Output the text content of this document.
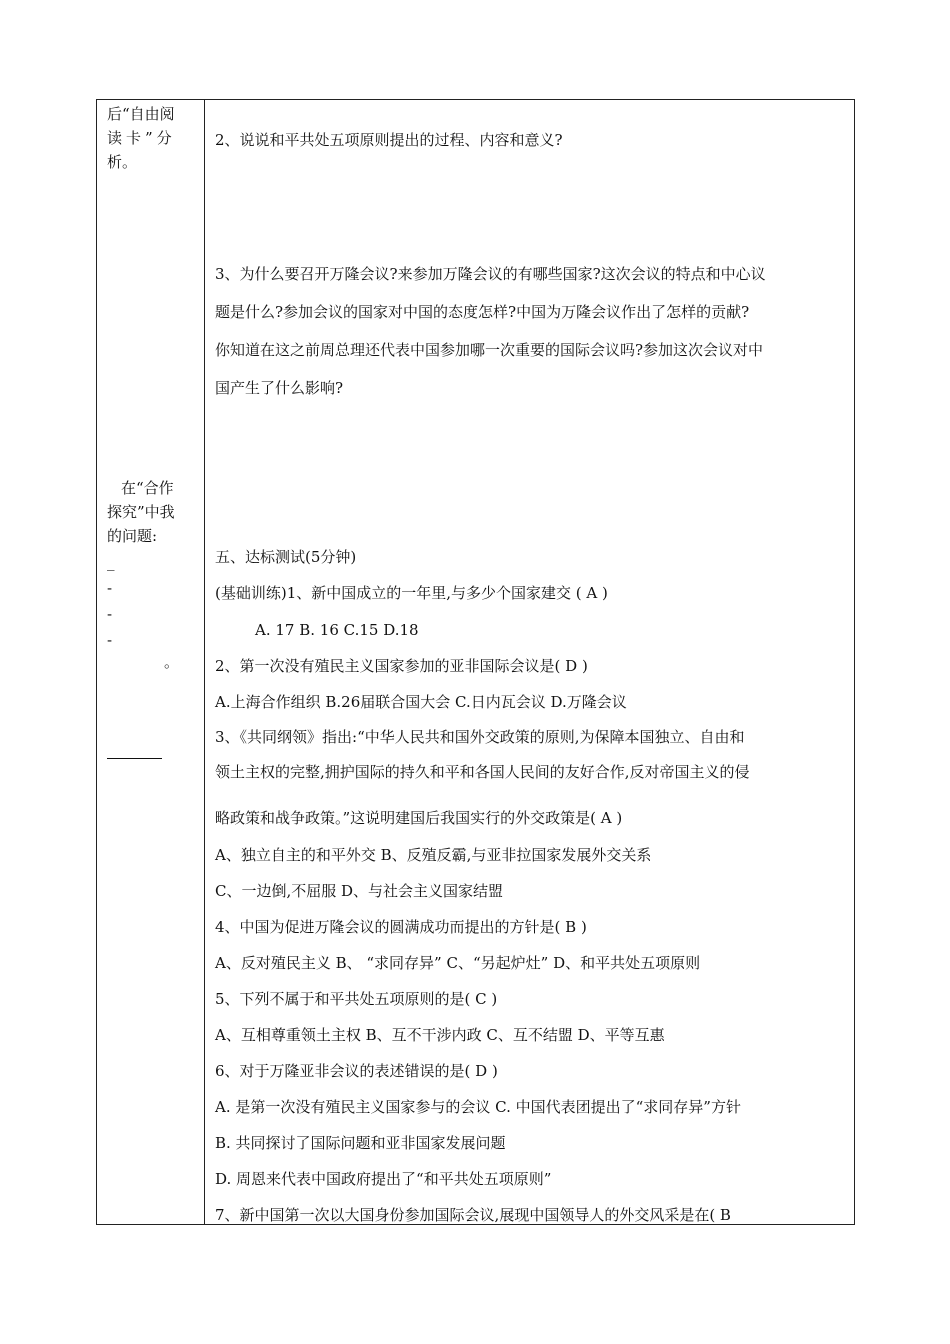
后“自由阅
读卡”分
析。
在“合作
探究”中我
的问题:
_
-
-
-
。
2、说说和平共处五项原则提出的过程、内容和意义?
3、为什么要召开万隆会议?来参加万隆会议的有哪些国家?这次会议的特点和中心议
题是什么?参加会议的国家对中国的态度怎样?中国为万隆会议作出了怎样的贡献?
你知道在这之前周总理还代表中国参加哪一次重要的国际会议吗?参加这次会议对中
国产生了什么影响?
五、达标测试(5分钟)
(基础训练)1、新中国成立的一年里,与多少个国家建交 ( A )
A. 17 B. 16 C.15 D.18
2、第一次没有殖民主义国家参加的亚非国际会议是( D )
A.上海合作组织 B.26届联合国大会 C.日内瓦会议 D.万隆会议
3、《共同纲领》指出:“中华人民共和国外交政策的原则,为保障本国独立、自由和
领土主权的完整,拥护国际的持久和平和各国人民间的友好合作,反对帝国主义的侵
略政策和战争政策。”这说明建国后我国实行的外交政策是( A )
A、独立自主的和平外交 B、反殖反霸,与亚非拉国家发展外交关系
C、一边倒,不屈服 D、与社会主义国家结盟
4、中国为促进万隆会议的圆满成功而提出的方针是( B )
A、反对殖民主义 B、 “求同存异” C、“另起炉灶” D、和平共处五项原则
5、下列不属于和平共处五项原则的是( C )
A、互相尊重领土主权 B、互不干涉内政 C、互不结盟 D、平等互惠
6、对于万隆亚非会议的表述错误的是( D )
A. 是第一次没有殖民主义国家参与的会议 C. 中国代表团提出了“求同存异”方针
B. 共同探讨了国际问题和亚非国家发展问题
D. 周恩来代表中国政府提出了“和平共处五项原则”
7、新中国第一次以大国身份参加国际会议,展现中国领导人的外交风采是在( B
